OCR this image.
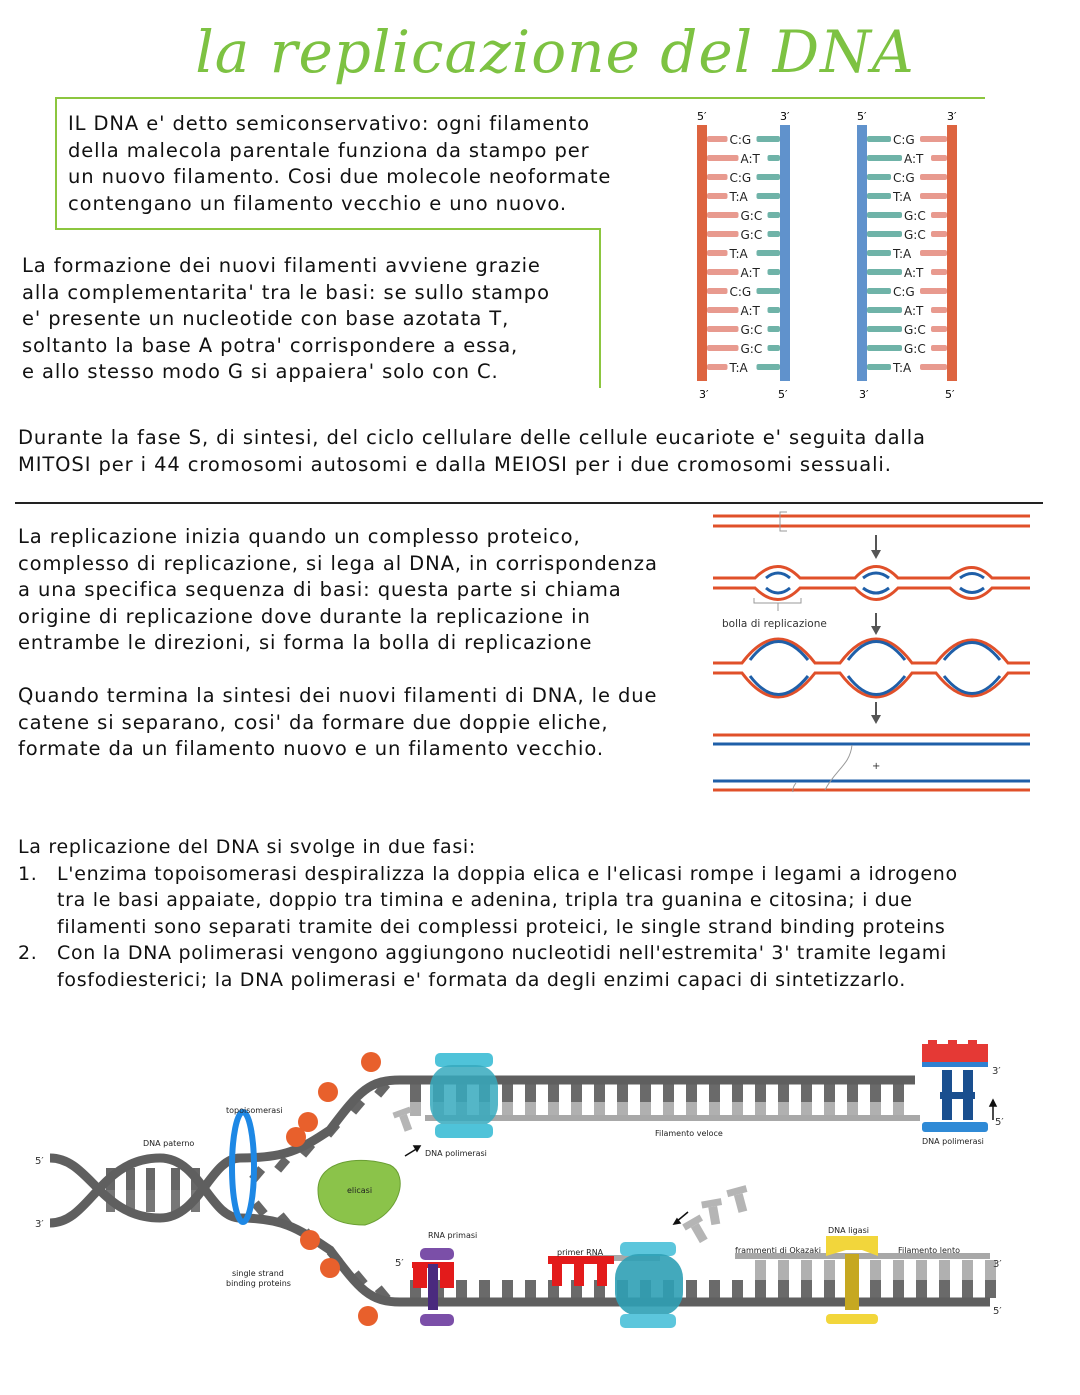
la replicazione del DNA
IL DNA e' detto semiconservativo: ogni filamento
della malecola parentale funziona da stampo per
un nuovo filamento. Cosi due molecole neoformate
contengano un filamento vecchio e uno nuovo.
La formazione dei nuovi filamenti avviene grazie
alla complementarita' tra le basi: se sullo stampo
e' presente un nucleotide con base azotata T,
soltanto la base A potra' corrispondere a essa,
e allo stesso modo G si appaiera' solo con C.
C:G
A:T
C:G
T:A
G:C
G:C
T:A
A:T
C:G
A:T
G:C
G:C
T:A
5′	3′
3′	5′
C:G
A:T
C:G
T:A
G:C
G:C
T:A
A:T
C:G
A:T
G:C
G:C
T:A
5′	3′
3′	5′
Durante la fase S, di sintesi, del ciclo cellulare delle cellule eucariote e' seguita dalla
MITOSI per i 44 cromosomi autosomi e dalla MEIOSI per i due cromosomi sessuali.
La replicazione inizia quando un complesso proteico,
complesso di replicazione, si lega al DNA, in corrispondenza
a una specifica sequenza di basi: questa parte si chiama
origine di replicazione dove durante la replicazione in
entrambe le direzioni, si forma la bolla di replicazione
Quando termina la sintesi dei nuovi filamenti di DNA, le due
catene si separano, cosi' da formare due doppie eliche,
formate da un filamento nuovo e un filamento vecchio.
bolla di replicazione
+
La replicazione del DNA si svolge in due fasi:
1.	L'enzima topoisomerasi despiralizza la doppia elica e l'elicasi rompe i legami a idrogeno
tra le basi appaiate, doppio tra timina e adenina, tripla tra guanina e citosina; i due
filamenti sono separati tramite dei complessi proteici, le single strand binding proteins
2.	Con la DNA polimerasi vengono aggiungono nucleotidi nell'estremita' 3' tramite legami
fosfodiesterici; la DNA polimerasi e' formata da degli enzimi capaci di sintetizzarlo.
topoisomerasi
DNA paterno
elicasi
single strand
binding proteins
DNA polimerasi
Filamento veloce
DNA polimerasi
RNA primasi
primer RNA	frammenti di Okazaki
DNA ligasi
Filamento lento
5′
3′
3′
5′
5′	3′
5′
